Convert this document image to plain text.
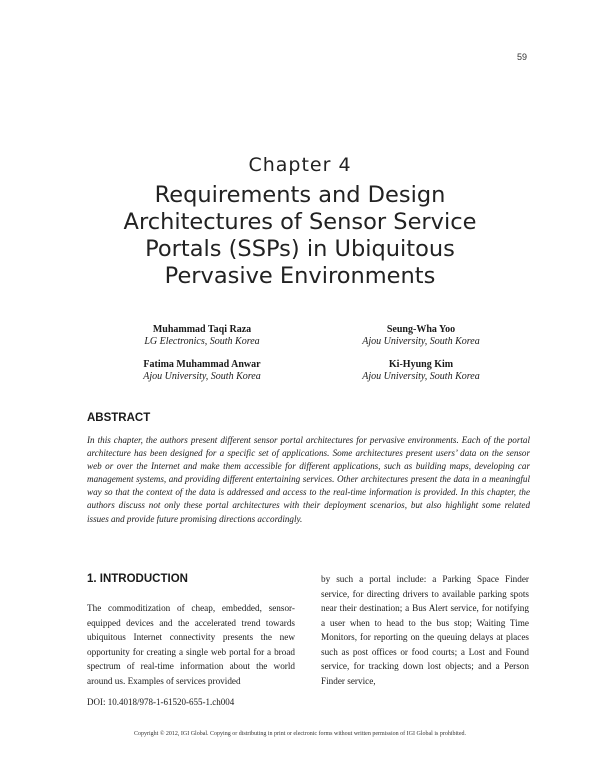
59
Chapter 4
Requirements and Design
Architectures of Sensor Service
Portals (SSPs) in Ubiquitous
Pervasive Environments
Muhammad Taqi Raza
LG Electronics, South Korea
Seung-Wha Yoo
Ajou University, South Korea
Fatima Muhammad Anwar
Ajou University, South Korea
Ki-Hyung Kim
Ajou University, South Korea
ABSTRACT
In this chapter, the authors present different sensor portal architectures for pervasive environments. Each of the portal architecture has been designed for a specific set of applications. Some architectures present users’ data on the sensor web or over the Internet and make them accessible for different applications, such as building maps, developing car management systems, and providing different entertaining services. Other architectures present the data in a meaningful way so that the context of the data is addressed and access to the real-time information is provided. In this chapter, the authors discuss not only these portal architectures with their deployment scenarios, but also highlight some related issues and provide future promising directions accordingly.
1. INTRODUCTION
The commoditization of cheap, embedded, sensor-equipped devices and the accelerated trend towards ubiquitous Internet connectivity presents the new opportunity for creating a single web portal for a broad spectrum of real-time information about the world around us. Examples of services provided
by such a portal include: a Parking Space Finder service, for directing drivers to available parking spots near their destination; a Bus Alert service, for notifying a user when to head to the bus stop; Waiting Time Monitors, for reporting on the queuing delays at places such as post offices or food courts; a Lost and Found service, for tracking down lost objects; and a Person Finder service,
DOI: 10.4018/978-1-61520-655-1.ch004
Copyright © 2012, IGI Global. Copying or distributing in print or electronic forms without written permission of IGI Global is prohibited.
